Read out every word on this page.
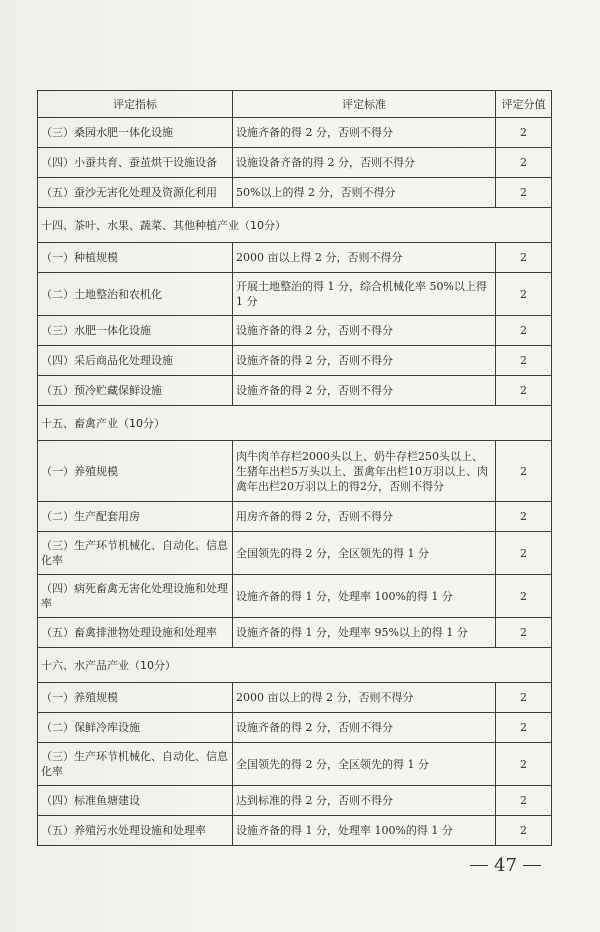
评定指标	评定标准	评定分值
（三）桑园水肥一体化设施	设施齐备的得 2 分，否则不得分	2
（四）小蚕共育、蚕茧烘干设施设备	设施设备齐备的得 2 分，否则不得分	2
（五）蚕沙无害化处理及资源化利用	50%以上的得 2 分，否则不得分	2
十四、茶叶、水果、蔬菜、其他种植产业（10分）		
（一）种植规模	2000 亩以上得 2 分，否则不得分	2
（二）土地整治和农机化	开展土地整治的得 1 分，综合机械化率 50%以上得 1 分	2
（三）水肥一体化设施	设施齐备的得 2 分，否则不得分	2
（四）采后商品化处理设施	设施齐备的得 2 分，否则不得分	2
（五）预冷贮藏保鲜设施	设施齐备的得 2 分，否则不得分	2
十五、畜禽产业（10分）		
（一）养殖规模	肉牛肉羊存栏2000头以上、奶牛存栏250头以上、生猪年出栏5万头以上、蛋禽年出栏10万羽以上、肉禽年出栏20万羽以上的得2分，否则不得分	2
（二）生产配套用房	用房齐备的得 2 分，否则不得分	2
（三）生产环节机械化、自动化、信息化率	全国领先的得 2 分，全区领先的得 1 分	2
（四）病死畜禽无害化处理设施和处理率	设施齐备的得 1 分，处理率 100%的得 1 分	2
（五）畜禽排泄物处理设施和处理率	设施齐备的得 1 分，处理率 95%以上的得 1 分	2
十六、水产品产业（10分）		
（一）养殖规模	2000 亩以上的得 2 分，否则不得分	2
（二）保鲜冷库设施	设施齐备的得 2 分，否则不得分	2
（三）生产环节机械化、自动化、信息化率	全国领先的得 2 分，全区领先的得 1 分	2
（四）标准鱼塘建设	达到标准的得 2 分，否则不得分	2
（五）养殖污水处理设施和处理率	设施齐备的得 1 分，处理率 100%的得 1 分	2
47
